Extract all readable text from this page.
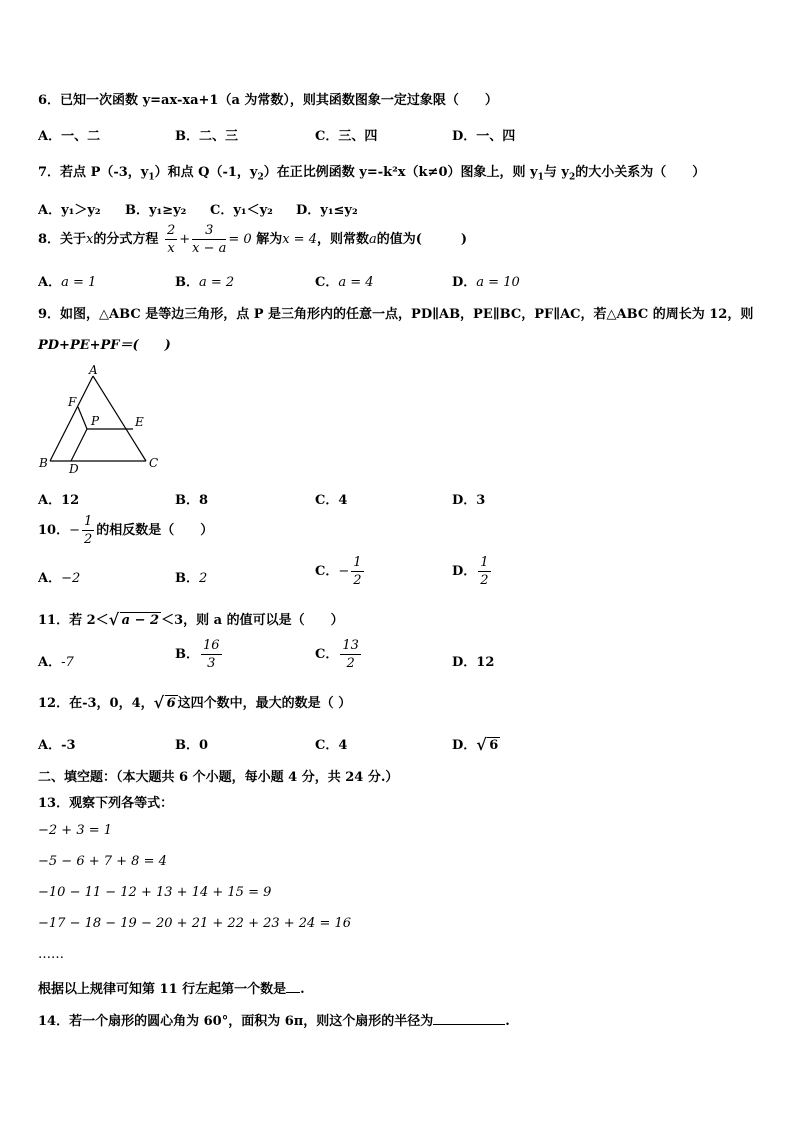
6．已知一次函数 y=ax-xa+1（a 为常数），则其函数图象一定过象限（　　）
A．一、二	B．二、三	C．三、四	D．一、四
7．若点 P（-3，$y_1$）和点 Q（-1，$y_2$）在正比例函数 y=-k²x（k≠0）图象上，则 $y_1$与 $y_2$的大小关系为（　　）
A．y₁＞y₂ B．y₁≥y₂ C．y₁＜y₂ D．y₁≤y₂
8．关于x的分式方程 $\frac{2}{x} + \frac{3}{x - a} = 0$ 解为x = 4，则常数a的值为(　　　)
A．a = 1	B．a = 2	C．a = 4	D．a = 10
9．如图，△ABC 是等边三角形，点 P 是三角形内的任意一点，PD∥AB，PE∥BC，PF∥AC，若△ABC 的周长为 12，则
PD+PE+PF＝(　　)
A
B	C
D
E
F
P
A．12	B．8	C．4	D．3
10．− $\frac{1}{2}$ 的相反数是（　　）
A．−2	B．2	C．− $\frac{1}{2}$	D． $\frac{1}{2}$
11．若 2＜ √ a − 2 ＜3，则 a 的值可以是（　　）
A．-7
B． $\frac{16}{3}$	C． $\frac{13}{2}$	D．12
12．在-3，0，4， √ 6 这四个数中，最大的数是（ ）
A．-3	B．0	C．4	D． √ 6
二、填空题：（本大题共 6 个小题，每小题 4 分，共 24 分.）
13．观察下列各等式：
−2 + 3 = 1
−5 − 6 + 7 + 8 = 4
−10 − 11 − 12 + 13 + 14 + 15 = 9
−17 − 18 − 19 − 20 + 21 + 22 + 23 + 24 = 16
……
根据以上规律可知第 11 行左起第一个数是 .
14．若一个扇形的圆心角为 60°，面积为 6π，则这个扇形的半径为	.
